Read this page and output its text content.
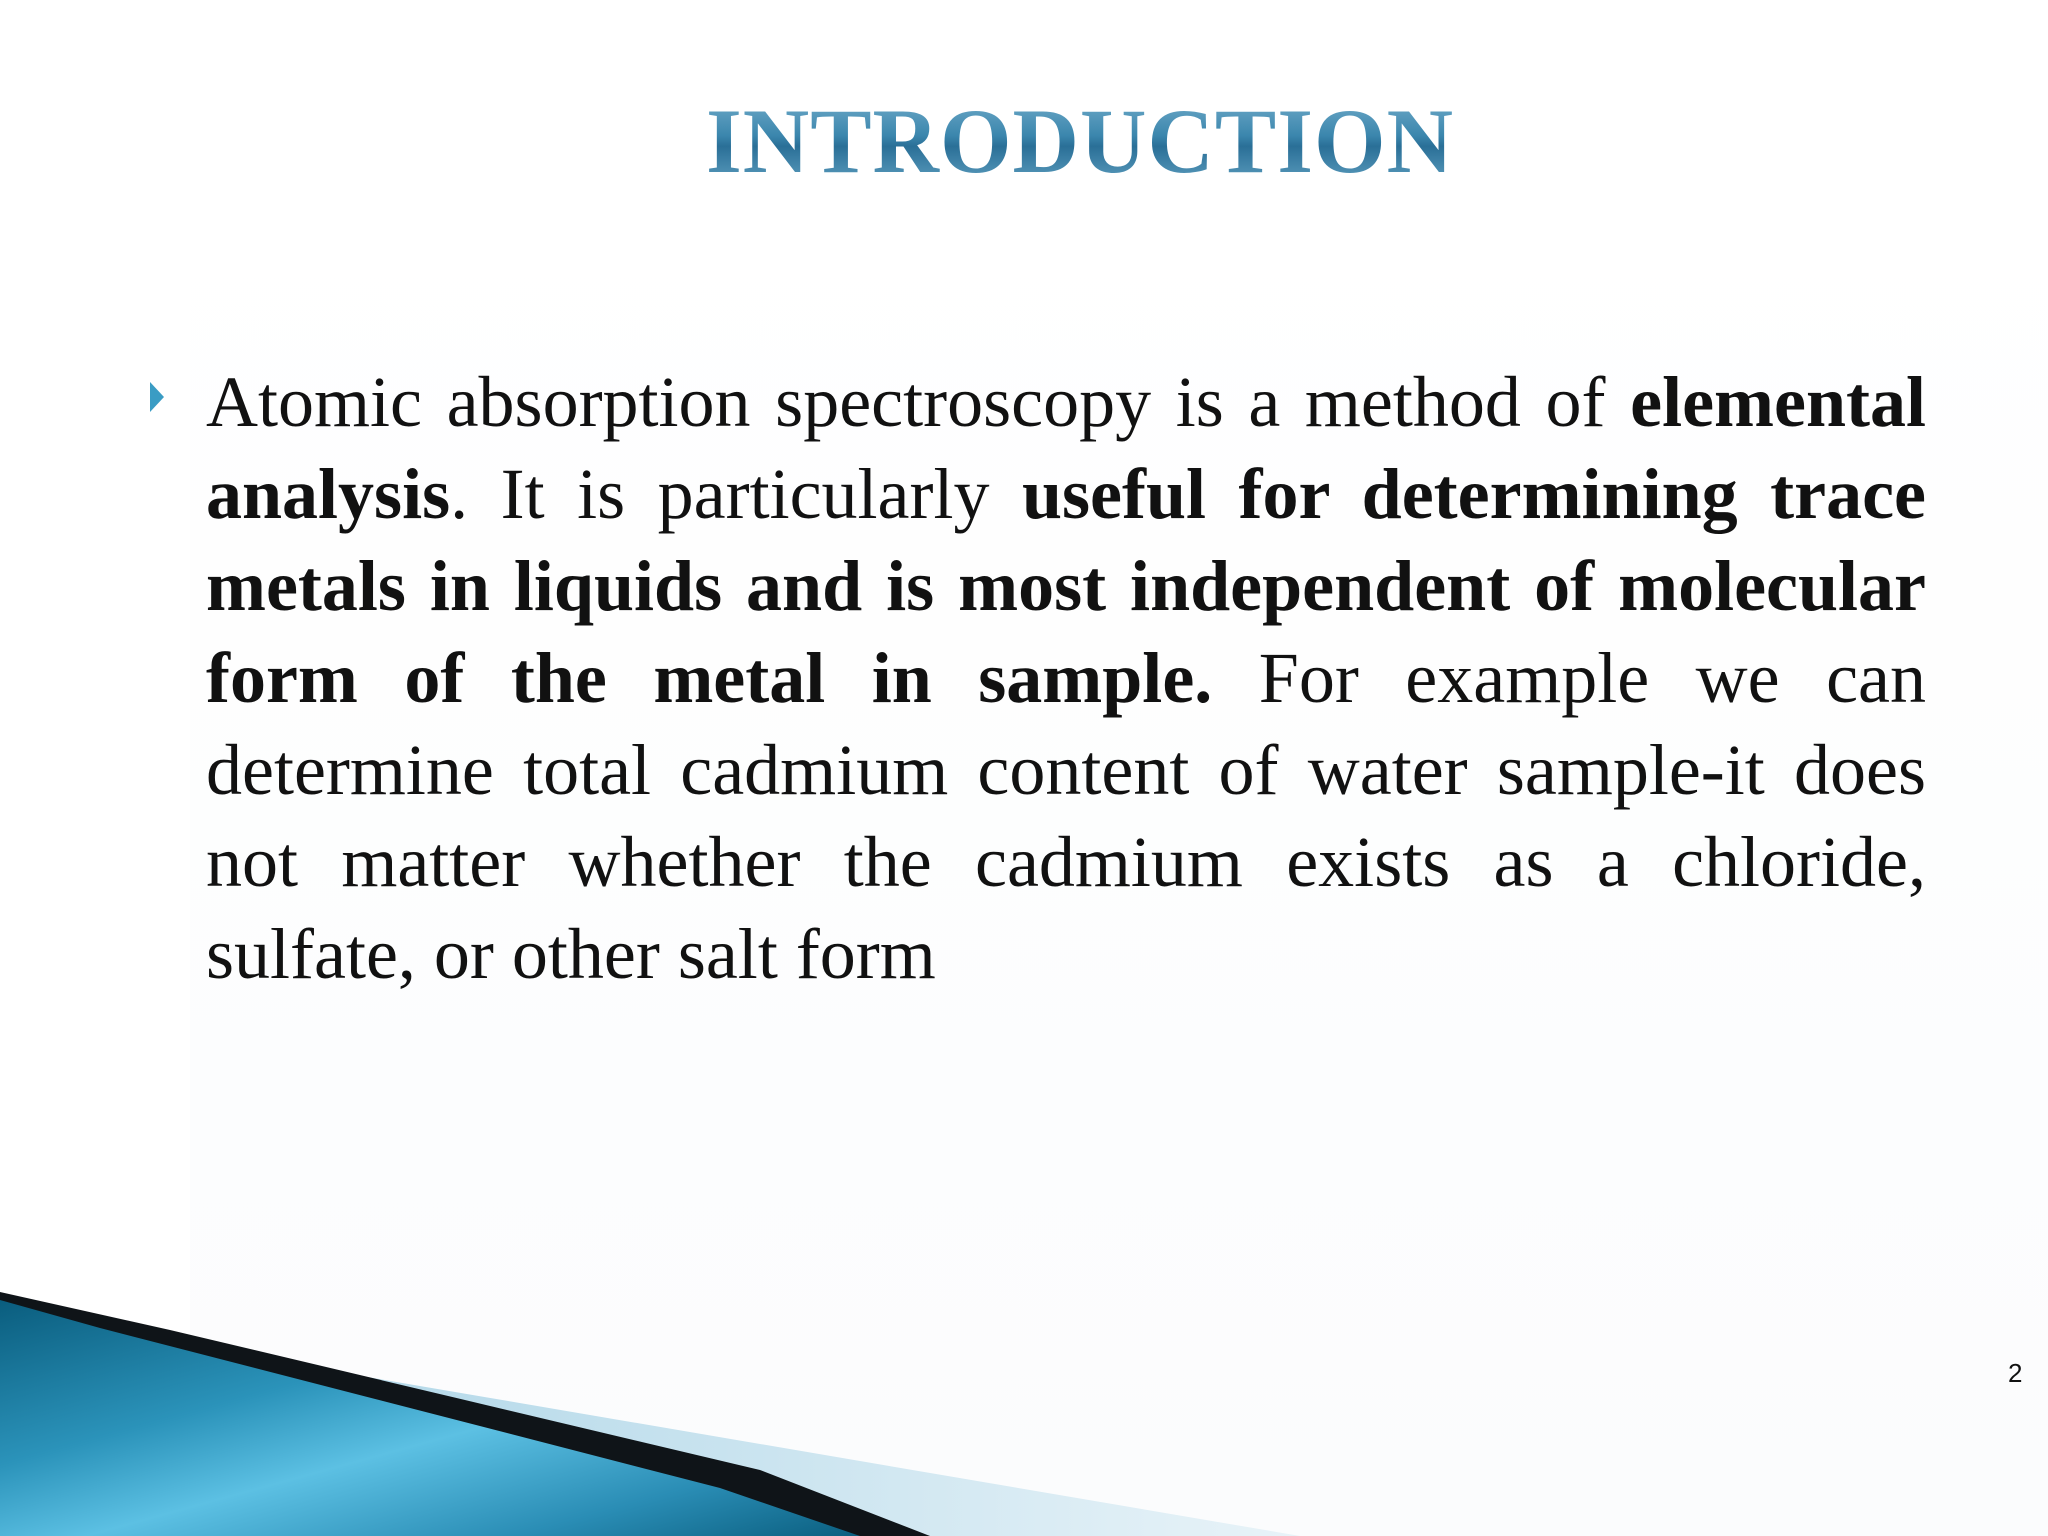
INTRODUCTION
Atomic absorption spectroscopy is a method of elemental analysis. It is particularly useful for determining trace metals in liquids and is most independent of molecular form of the metal in sample. For example we can determine total cadmium content of water sample-it does not matter whether the cadmium exists as a chloride, sulfate, or other salt form
2
